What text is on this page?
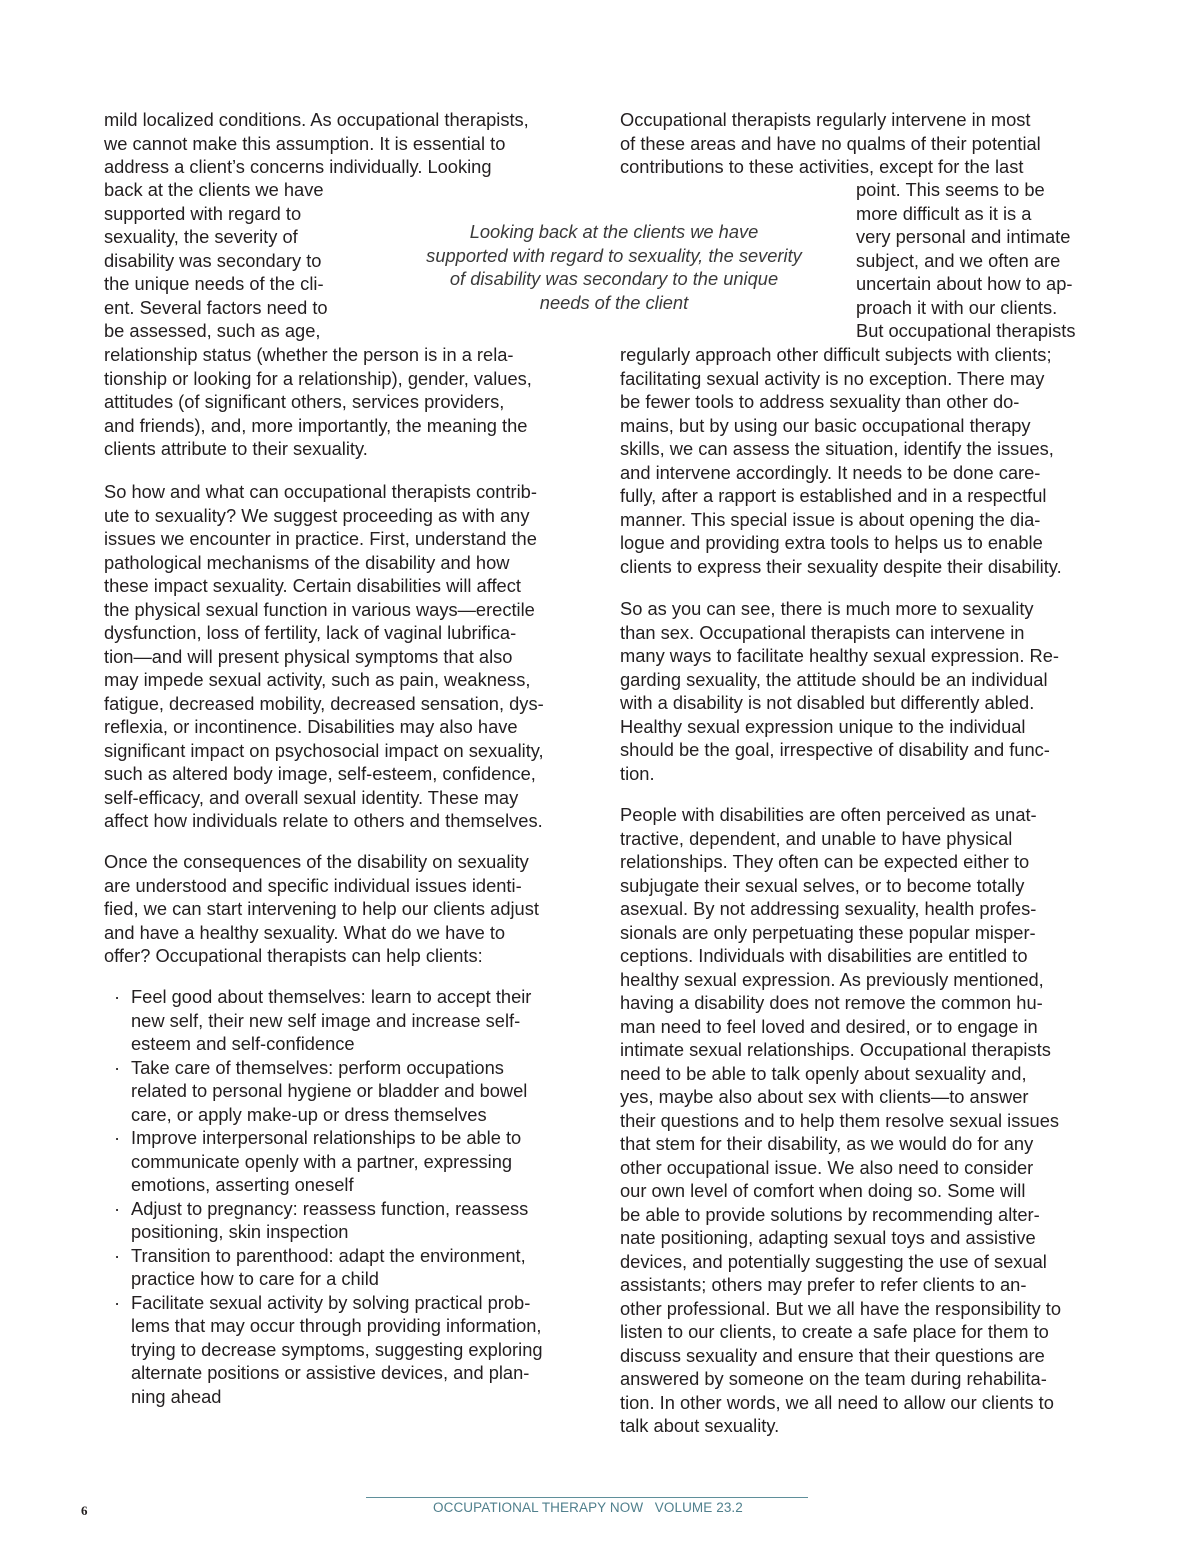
mild localized conditions. As occupational therapists,
we cannot make this assumption. It is essential to
address a client’s concerns individually. Looking
back at the clients we have
supported with regard to
sexuality, the severity of
disability was secondary to
the unique needs of the cli-
ent. Several factors need to
be assessed, such as age,
relationship status (whether the person is in a rela-
tionship or looking for a relationship), gender, values,
attitudes (of significant others, services providers,
and friends), and, more importantly, the meaning the
clients attribute to their sexuality.
So how and what can occupational therapists contrib-
ute to sexuality? We suggest proceeding as with any
issues we encounter in practice. First, understand the
pathological mechanisms of the disability and how
these impact sexuality. Certain disabilities will affect
the physical sexual function in various ways—erectile
dysfunction, loss of fertility, lack of vaginal lubrifica-
tion—and will present physical symptoms that also
may impede sexual activity, such as pain, weakness,
fatigue, decreased mobility, decreased sensation, dys-
reflexia, or incontinence. Disabilities may also have
significant impact on psychosocial impact on sexuality,
such as altered body image, self-esteem, confidence,
self-efficacy, and overall sexual identity. These may
affect how individuals relate to others and themselves.
Once the consequences of the disability on sexuality
are understood and specific individual issues identi-
fied, we can start intervening to help our clients adjust
and have a healthy sexuality. What do we have to
offer? Occupational therapists can help clients:
· Feel good about themselves: learn to accept their
new self, their new self image and increase self-
esteem and self-confidence
· Take care of themselves: perform occupations
related to personal hygiene or bladder and bowel
care, or apply make-up or dress themselves
· Improve interpersonal relationships to be able to
communicate openly with a partner, expressing
emotions, asserting oneself
· Adjust to pregnancy: reassess function, reassess
positioning, skin inspection
· Transition to parenthood: adapt the environment,
practice how to care for a child
· Facilitate sexual activity by solving practical prob-
lems that may occur through providing information,
trying to decrease symptoms, suggesting exploring
alternate positions or assistive devices, and plan-
ning ahead
Looking back at the clients we have
supported with regard to sexuality, the severity
of disability was secondary to the unique
needs of the client
Occupational therapists regularly intervene in most
of these areas and have no qualms of their potential
contributions to these activities, except for the last
point. This seems to be
more difficult as it is a
very personal and intimate
subject, and we often are
uncertain about how to ap-
proach it with our clients.
But occupational therapists
regularly approach other difficult subjects with clients;
facilitating sexual activity is no exception. There may
be fewer tools to address sexuality than other do-
mains, but by using our basic occupational therapy
skills, we can assess the situation, identify the issues,
and intervene accordingly. It needs to be done care-
fully, after a rapport is established and in a respectful
manner. This special issue is about opening the dia-
logue and providing extra tools to helps us to enable
clients to express their sexuality despite their disability.
So as you can see, there is much more to sexuality
than sex. Occupational therapists can intervene in
many ways to facilitate healthy sexual expression. Re-
garding sexuality, the attitude should be an individual
with a disability is not disabled but differently abled.
Healthy sexual expression unique to the individual
should be the goal, irrespective of disability and func-
tion.
People with disabilities are often perceived as unat-
tractive, dependent, and unable to have physical
relationships. They often can be expected either to
subjugate their sexual selves, or to become totally
asexual. By not addressing sexuality, health profes-
sionals are only perpetuating these popular misper-
ceptions. Individuals with disabilities are entitled to
healthy sexual expression. As previously mentioned,
having a disability does not remove the common hu-
man need to feel loved and desired, or to engage in
intimate sexual relationships. Occupational therapists
need to be able to talk openly about sexuality and,
yes, maybe also about sex with clients—to answer
their questions and to help them resolve sexual issues
that stem for their disability, as we would do for any
other occupational issue. We also need to consider
our own level of comfort when doing so. Some will
be able to provide solutions by recommending alter-
nate positioning, adapting sexual toys and assistive
devices, and potentially suggesting the use of sexual
assistants; others may prefer to refer clients to an-
other professional. But we all have the responsibility to
listen to our clients, to create a safe place for them to
discuss sexuality and ensure that their questions are
answered by someone on the team during rehabilita-
tion. In other words, we all need to allow our clients to
talk about sexuality.
6	OCCUPATIONAL THERAPY NOW VOLUME 23.2
